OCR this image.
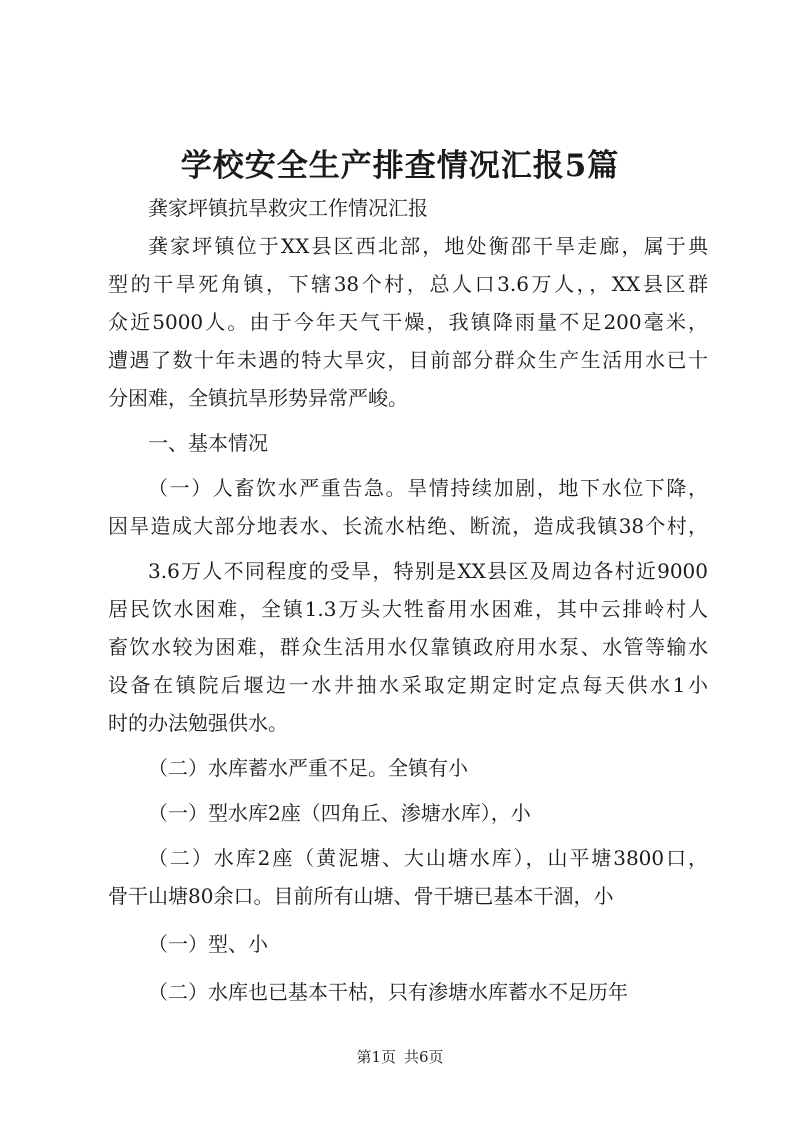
学校安全生产排查情况汇报5篇

龚家坪镇抗旱救灾工作情况汇报

龚家坪镇位于XX县区西北部，地处衡邵干旱走廊，属于典

型的干旱死角镇，下辖38个村，总人口3.6万人，，XX县区群

众近5000人。由于今年天气干燥，我镇降雨量不足200毫米，

遭遇了数十年未遇的特大旱灾，目前部分群众生产生活用水已十

分困难，全镇抗旱形势异常严峻。

一、基本情况

（一）人畜饮水严重告急。旱情持续加剧，地下水位下降，

因旱造成大部分地表水、长流水枯绝、断流，造成我镇38个村，

3.6万人不同程度的受旱，特别是XX县区及周边各村近9000

居民饮水困难，全镇1.3万头大牲畜用水困难，其中云排岭村人

畜饮水较为困难，群众生活用水仅靠镇政府用水泵、水管等输水

设备在镇院后堰边一水井抽水采取定期定时定点每天供水1小

时的办法勉强供水。

（二）水库蓄水严重不足。全镇有小

（一）型水库2座（四角丘、渗塘水库），小

（二）水库2座（黄泥塘、大山塘水库），山平塘3800口，

骨干山塘80余口。目前所有山塘、骨干塘已基本干涸，小

（一）型、小

（二）水库也已基本干枯，只有渗塘水库蓄水不足历年

第1页 共6页
